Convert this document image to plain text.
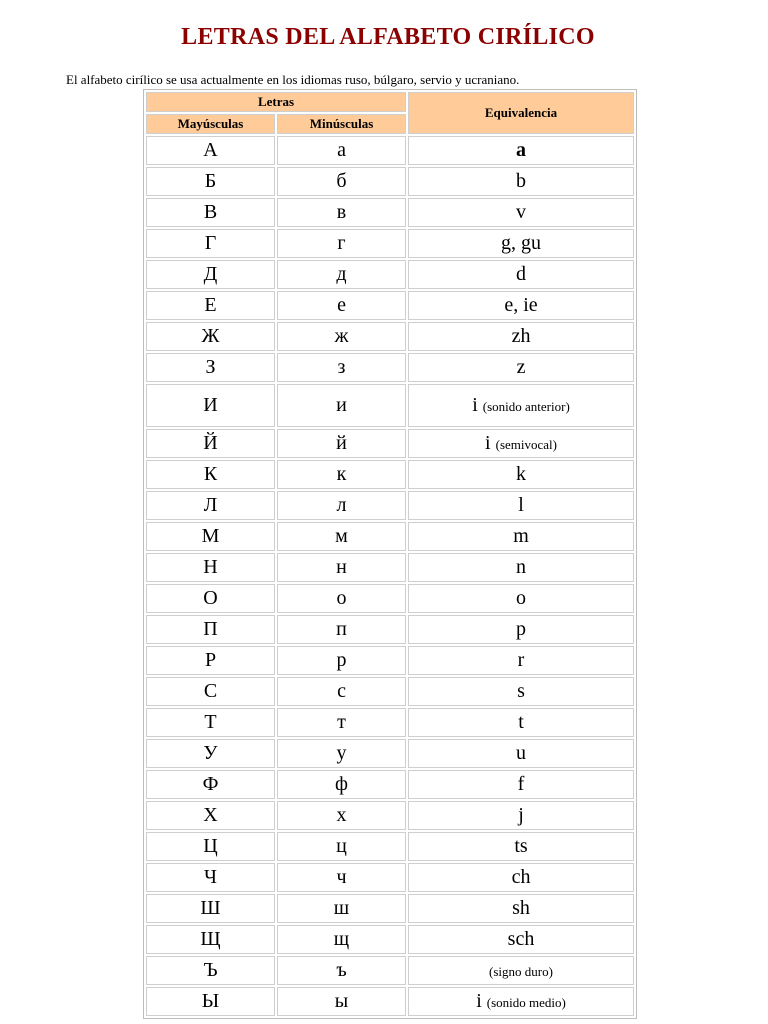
LETRAS DEL ALFABETO CIRÍLICO
El alfabeto cirílico se usa actualmente en los idiomas ruso, búlgaro, servio y ucraniano.
Letras		Equivalencia
Mayúsculas	Minúsculas	
А	а	a
Б	б	b
В	в	v
Г	г	g, gu
Д	д	d
Е	е	e, ie
Ж	ж	zh
З	з	z
И	и	i (sonido anterior)
Й	й	i (semivocal)
К	к	k
Л	л	l
М	м	m
Н	н	n
О	о	o
П	п	p
Р	р	r
С	с	s
Т	т	t
У	у	u
Ф	ф	f
Х	х	j
Ц	ц	ts
Ч	ч	ch
Ш	ш	sh
Щ	щ	sch
Ъ	ъ	(signo duro)
Ы	ы	i (sonido medio)
